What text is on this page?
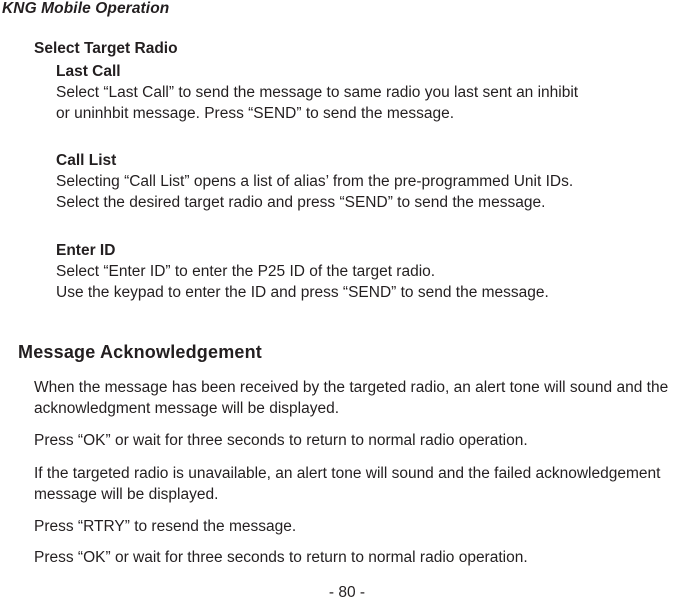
KNG Mobile Operation
Select Target Radio

Last Call

Select “Last Call” to send the message to same radio you last sent an inhibit

or uninhbit message. Press “SEND” to send the message.

Call List

Selecting “Call List” opens a list of alias’ from the pre-programmed Unit IDs.

Select the desired target radio and press “SEND” to send the message.

Enter ID

Select “Enter ID” to enter the P25 ID of the target radio.

Use the keypad to enter the ID and press “SEND” to send the message.

Message Acknowledgement

When the message has been received by the targeted radio, an alert tone will sound and the acknowledgment message will be displayed.

Press “OK” or wait for three seconds to return to normal radio operation.

If the targeted radio is unavailable, an alert tone will sound and the failed acknowledgement message will be displayed.

Press “RTRY” to resend the message.

Press “OK” or wait for three seconds to return to normal radio operation.

- 80 -
